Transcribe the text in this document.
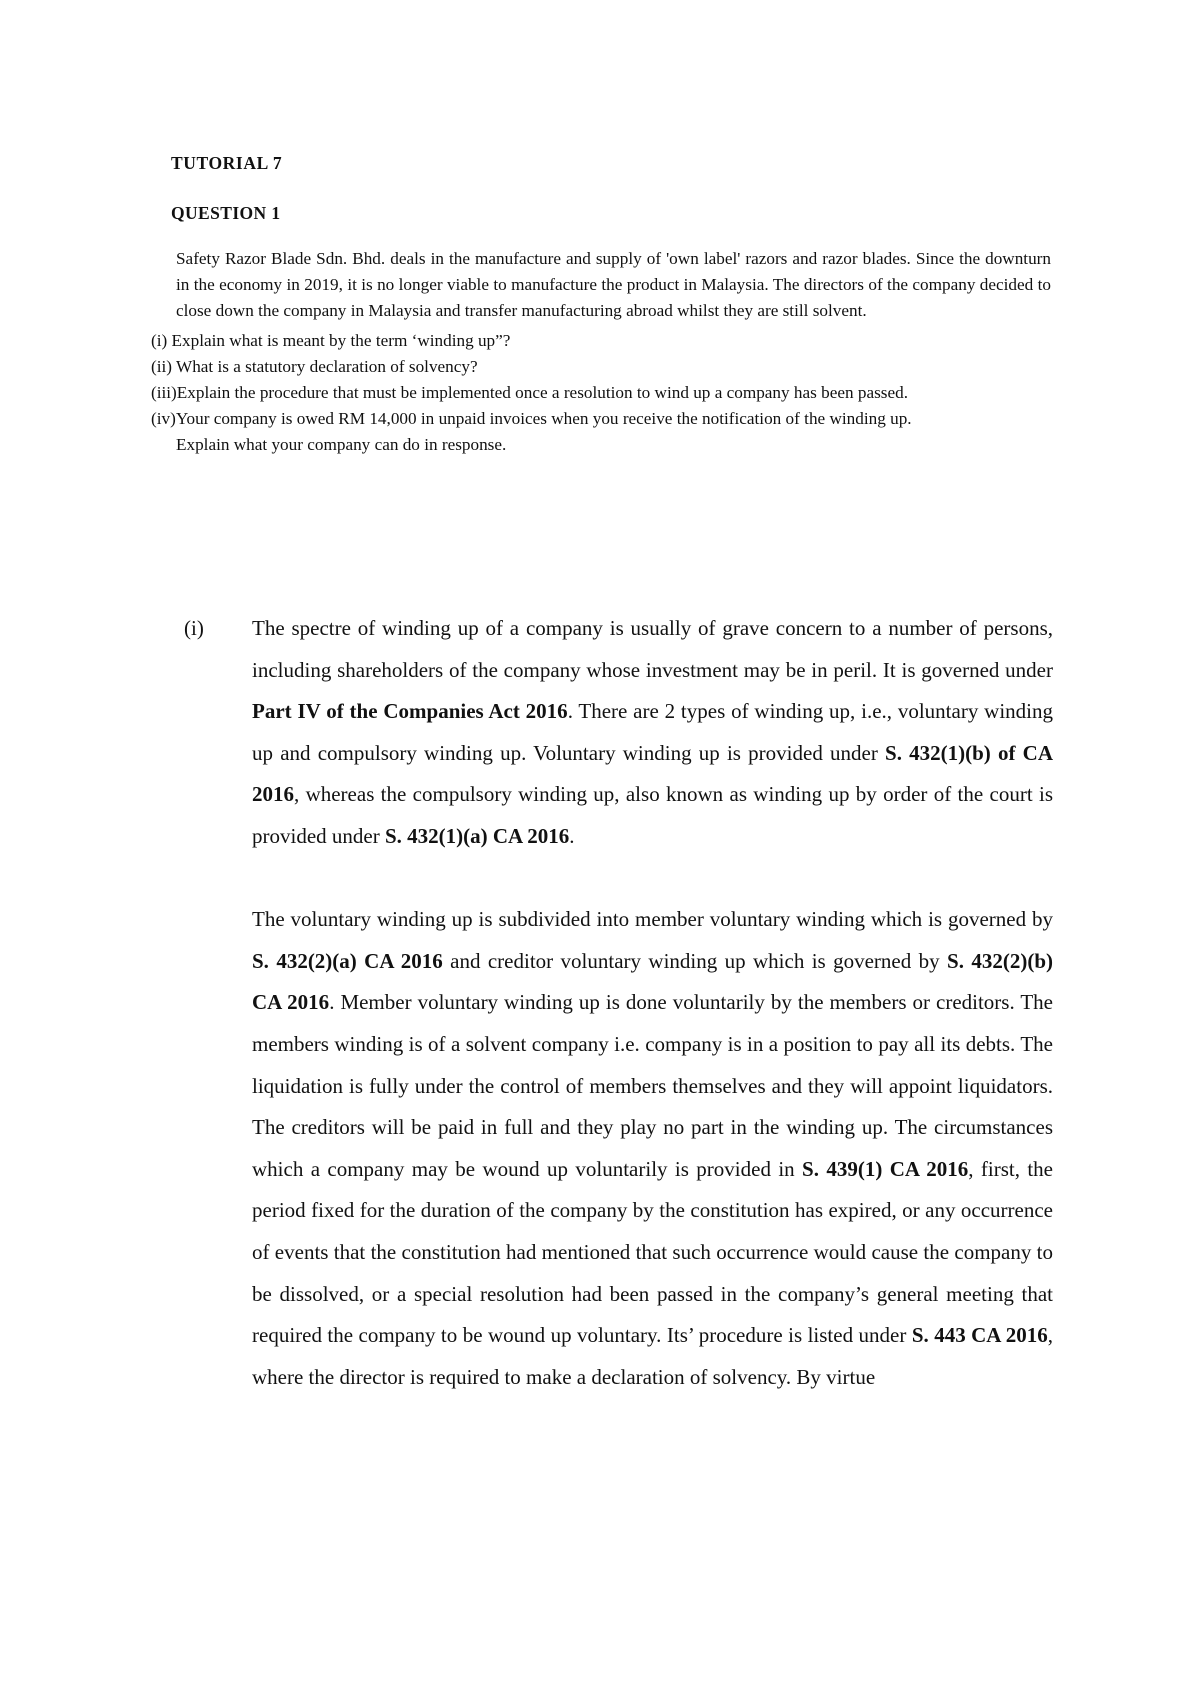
TUTORIAL 7
QUESTION 1
Safety Razor Blade Sdn. Bhd. deals in the manufacture and supply of 'own label' razors and razor blades. Since the downturn in the economy in 2019, it is no longer viable to manufacture the product in Malaysia. The directors of the company decided to close down the company in Malaysia and transfer manufacturing abroad whilst they are still solvent.
(i) Explain what is meant by the term ‘winding up”?
(ii) What is a statutory declaration of solvency?
(iii)Explain the procedure that must be implemented once a resolution to wind up a company has been passed.
(iv)Your company is owed RM 14,000 in unpaid invoices when you receive the notification of the winding up.
Explain what your company can do in response.
(i) The spectre of winding up of a company is usually of grave concern to a number of persons, including shareholders of the company whose investment may be in peril. It is governed under Part IV of the Companies Act 2016. There are 2 types of winding up, i.e., voluntary winding up and compulsory winding up. Voluntary winding up is provided under S. 432(1)(b) of CA 2016, whereas the compulsory winding up, also known as winding up by order of the court is provided under S. 432(1)(a) CA 2016.

The voluntary winding up is subdivided into member voluntary winding which is governed by S. 432(2)(a) CA 2016 and creditor voluntary winding up which is governed by S. 432(2)(b) CA 2016. Member voluntary winding up is done voluntarily by the members or creditors. The members winding is of a solvent company i.e. company is in a position to pay all its debts. The liquidation is fully under the control of members themselves and they will appoint liquidators. The creditors will be paid in full and they play no part in the winding up. The circumstances which a company may be wound up voluntarily is provided in S. 439(1) CA 2016, first, the period fixed for the duration of the company by the constitution has expired, or any occurrence of events that the constitution had mentioned that such occurrence would cause the company to be dissolved, or a special resolution had been passed in the company’s general meeting that required the company to be wound up voluntary. Its’ procedure is listed under S. 443 CA 2016, where the director is required to make a declaration of solvency. By virtue
